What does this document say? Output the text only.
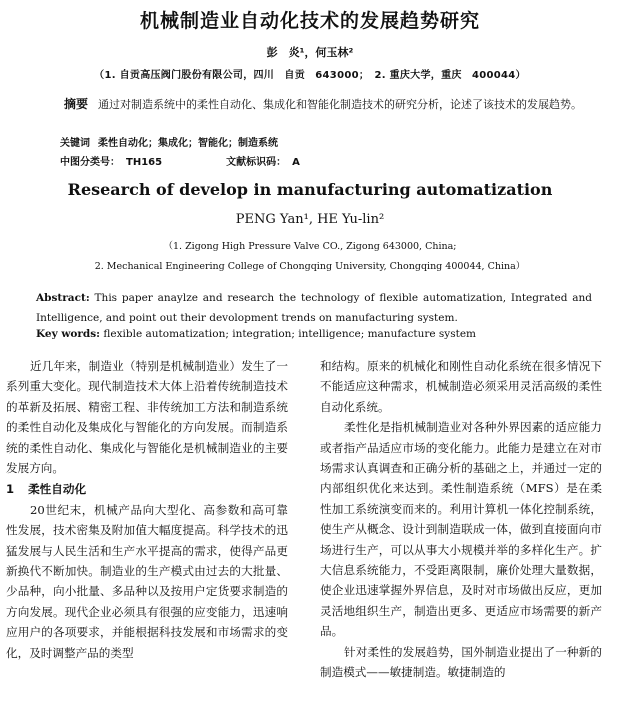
机械制造业自动化技术的发展趋势研究
彭　炎¹，何玉林²
（1. 自贡高压阀门股份有限公司，四川　自贡　643000；　2. 重庆大学，重庆　400044）
摘要 通过对制造系统中的柔性自动化、集成化和智能化制造技术的研究分析，论述了该技术的发展趋势。
关键词 柔性自动化；集成化；智能化；制造系统
中图分类号： TH165	文献标识码： A
Research of develop in manufacturing automatization
PENG Yan¹, HE Yu-lin²
（1. Zigong High Pressure Valve CO., Zigong 643000, China;
2. Mechanical Engineering College of Chongqing University, Chongqing 400044, China）
Abstract: This paper anaylze and research the technology of flexible automatization, Integrated and Intelligence, and point out their devolopment trends on manufacturing system.
Key words: flexible automatization; integration; intelligence; manufacture system

近几年来，制造业（特别是机械制造业）发生了一系列重大变化。现代制造技术大体上沿着传统制造技术的革新及拓展、精密工程、非传统加工方法和制造系统的柔性自动化及集成化与智能化的方向发展。而制造系统的柔性自动化、集成化与智能化是机械制造业的主要发展方向。

1 柔性自动化

20世纪末，机械产品向大型化、高参数和高可靠性发展，技术密集及附加值大幅度提高。科学技术的迅猛发展与人民生活和生产水平提高的需求，使得产品更新换代不断加快。制造业的生产模式由过去的大批量、少品种，向小批量、多品种以及按用户定货要求制造的方向发展。现代企业必须具有很强的应变能力，迅速响应用户的各项要求，并能根据科技发展和市场需求的变化，及时调整产品的类型

和结构。原来的机械化和刚性自动化系统在很多情况下不能适应这种需求，机械制造必须采用灵活高级的柔性自动化系统。

柔性化是指机械制造业对各种外界因素的适应能力或者指产品适应市场的变化能力。此能力是建立在对市场需求认真调查和正确分析的基础之上，并通过一定的内部组织优化来达到。柔性制造系统（MFS）是在柔性加工系统演变而来的。利用计算机一体化控制系统，使生产从概念、设计到制造联成一体，做到直接面向市场进行生产，可以从事大小规模并举的多样化生产。扩大信息系统能力，不受距离限制，廉价处理大量数据，使企业迅速掌握外界信息，及时对市场做出反应，更加灵活地组织生产，制造出更多、更适应市场需要的新产品。

针对柔性的发展趋势，国外制造业提出了一种新的制造模式——敏捷制造。敏捷制造的
